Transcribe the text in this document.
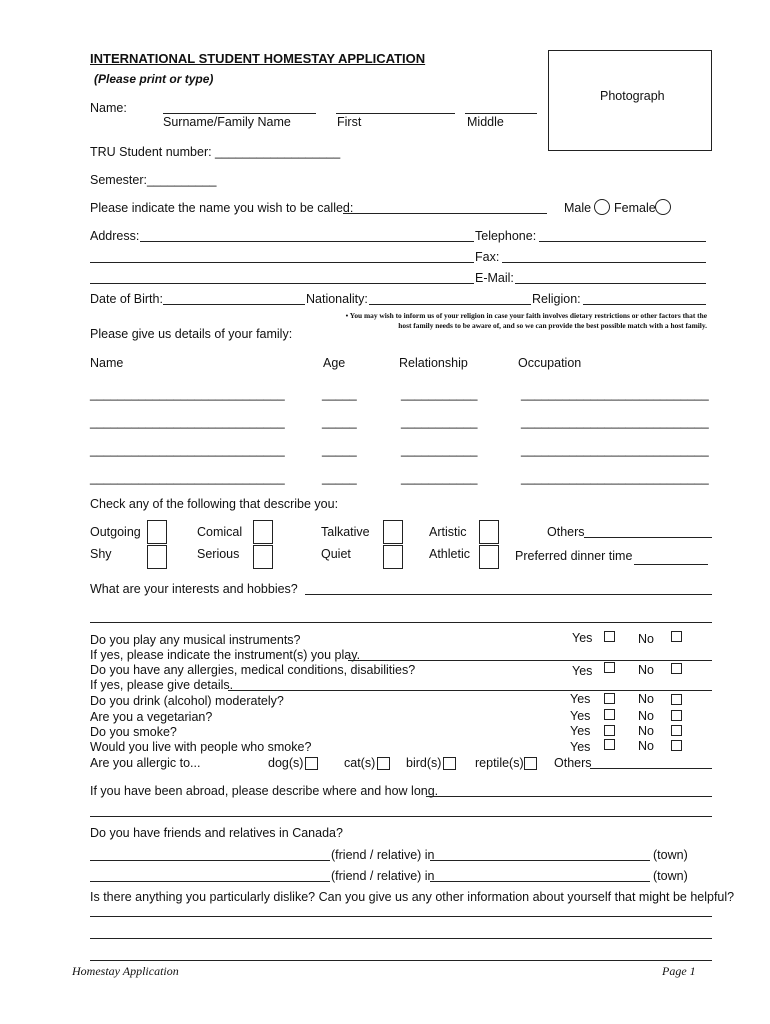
INTERNATIONAL STUDENT HOMESTAY APPLICATION
(Please print or type)
Photograph
Name:
Surname/Family Name	First	Middle
TRU Student number: __________________
Semester:__________
Please indicate the name you wish to be called:	Male Female
Address:	Telephone:
Fax:
E-Mail:
Date of Birth:	Nationality:	Religion:
• You may wish to inform us of your religion in case your faith involves dietary restrictions or other factors that the
host family needs to be aware of, and so we can provide the best possible match with a host family.
Please give us details of your family:
Name	Age	Relationship	Occupation
____________________________	_____	___________	___________________________
____________________________	_____	___________	___________________________
____________________________	_____	___________	___________________________
____________________________	_____	___________	___________________________
Check any of the following that describe you:
Outgoing	Comical	Talkative	Artistic	Others
Shy	Serious	Quiet	Athletic	Preferred dinner time
What are your interests and hobbies?
Do you play any musical instruments?	Yes	No
If yes, please indicate the instrument(s) you play.
Do you have any allergies, medical conditions, disabilities?	Yes	No
If yes, please give details.
Do you drink (alcohol) moderately?	Yes	No
Are you a vegetarian?	Yes	No
Do you smoke?	Yes	No
Would you live with people who smoke?	Yes	No
Are you allergic to...	dog(s)	cat(s) bird(s)	reptile(s) Others
If you have been abroad, please describe where and how long.
Do you have friends and relatives in Canada?
(friend / relative) in	(town)
(friend / relative) in	(town)
Is there anything you particularly dislike? Can you give us any other information about yourself that might be helpful?
Homestay Application	Page 1
